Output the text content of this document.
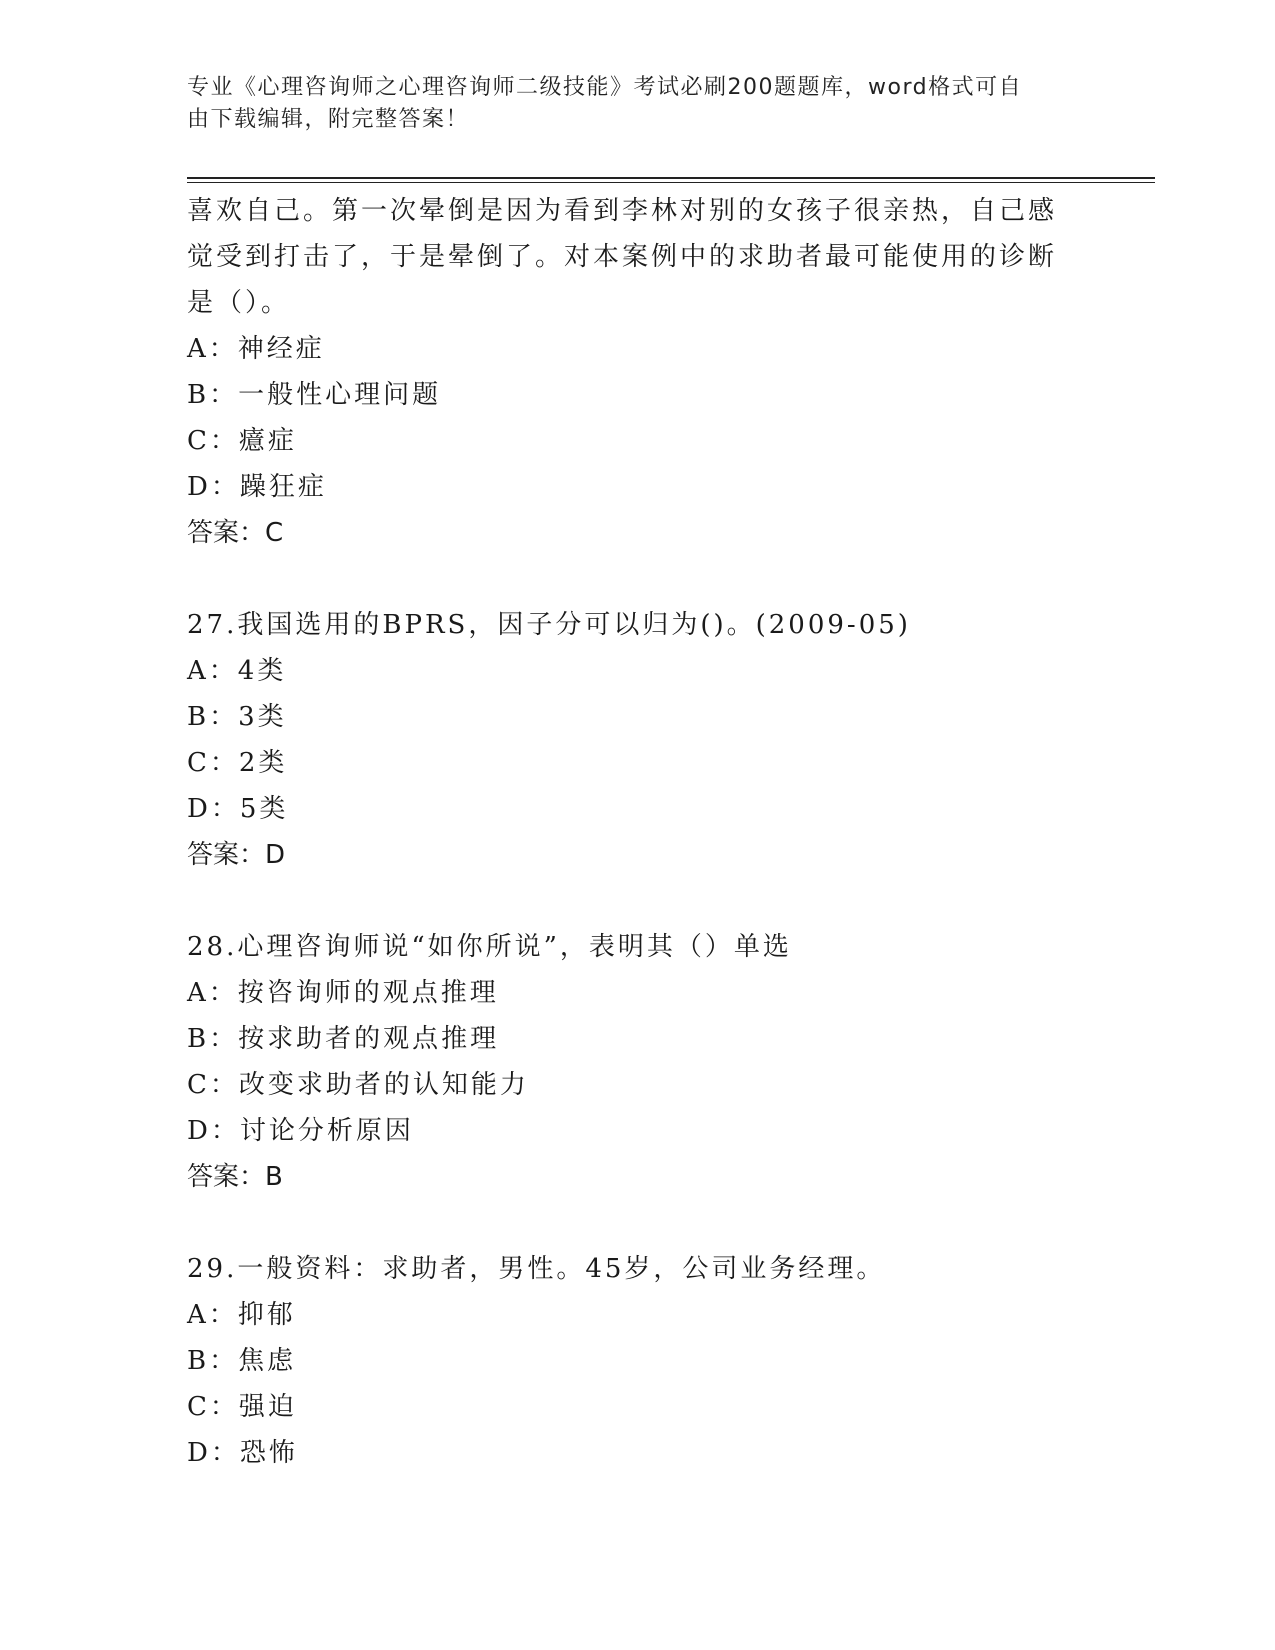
专业《心理咨询师之心理咨询师二级技能》考试必刷200题题库，word格式可自
由下载编辑，附完整答案！
喜欢自己。第一次晕倒是因为看到李林对别的女孩子很亲热，自己感
觉受到打击了，于是晕倒了。对本案例中的求助者最可能使用的诊断
是（）。
A：神经症
B：一般性心理问题
C：癔症
D：躁狂症
答案：C
27.我国选用的BPRS，因子分可以归为()。(2009-05)
A：4类
B：3类
C：2类
D：5类
答案：D
28.心理咨询师说“如你所说”，表明其（）单选
A：按咨询师的观点推理
B：按求助者的观点推理
C：改变求助者的认知能力
D：讨论分析原因
答案：B
29.一般资料：求助者，男性。45岁，公司业务经理。
A：抑郁
B：焦虑
C：强迫
D：恐怖
